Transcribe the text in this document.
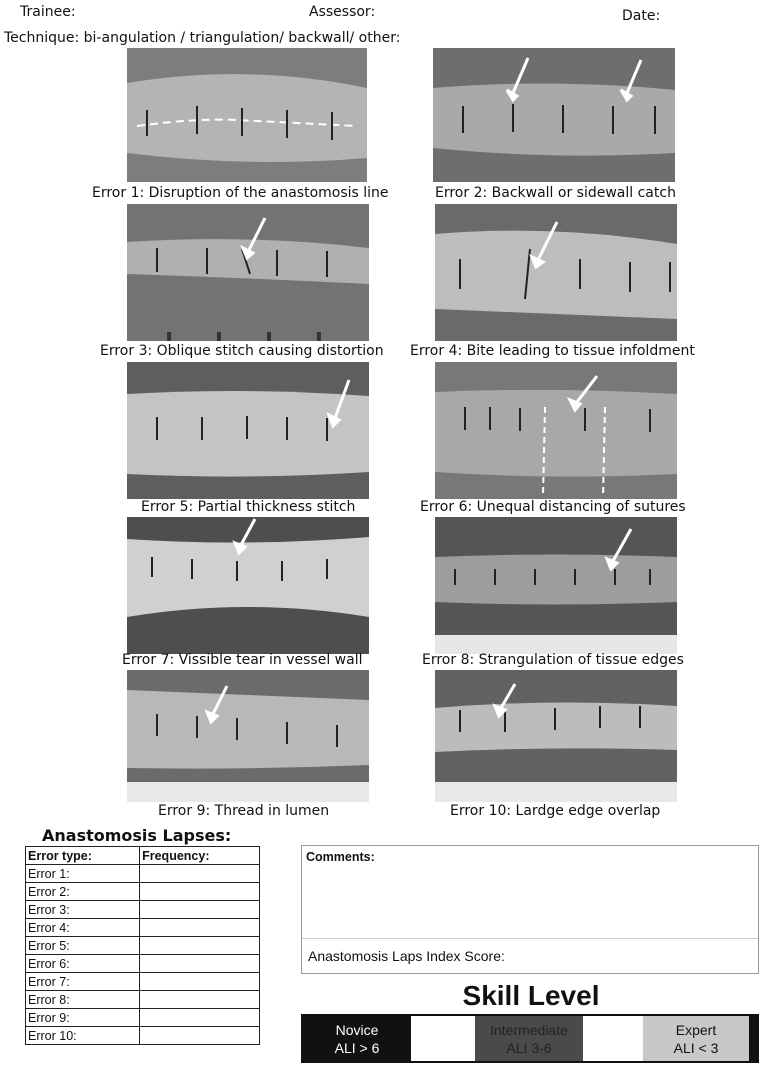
Trainee:	Assessor:	Date:
Technique: bi-angulation / triangulation/ backwall/ other:
Error 1: Disruption of the anastomosis line	Error 2: Backwall or sidewall catch
Error 3: Oblique stitch causing distortion Error 4: Bite leading to tissue infoldment
Error 5: Partial thickness stitch	Error 6: Unequal distancing of sutures
Error 7: Vissible tear in vessel wall	Error 8: Strangulation of tissue edges
Error 9: Thread in lumen	Error 10: Lardge edge overlap
Anastomosis Lapses:
Error type:	Frequency:
Error 1:	
Error 2:	
Error 3:	
Error 4:	
Error 5:	
Error 6:	
Error 7:	
Error 8:	
Error 9:	
Error 10:	
Comments:
Anastomosis Laps Index Score:
Skill Level
Novice
ALI > 6
Intermediate
ALI 3-6
Expert
ALI < 3
